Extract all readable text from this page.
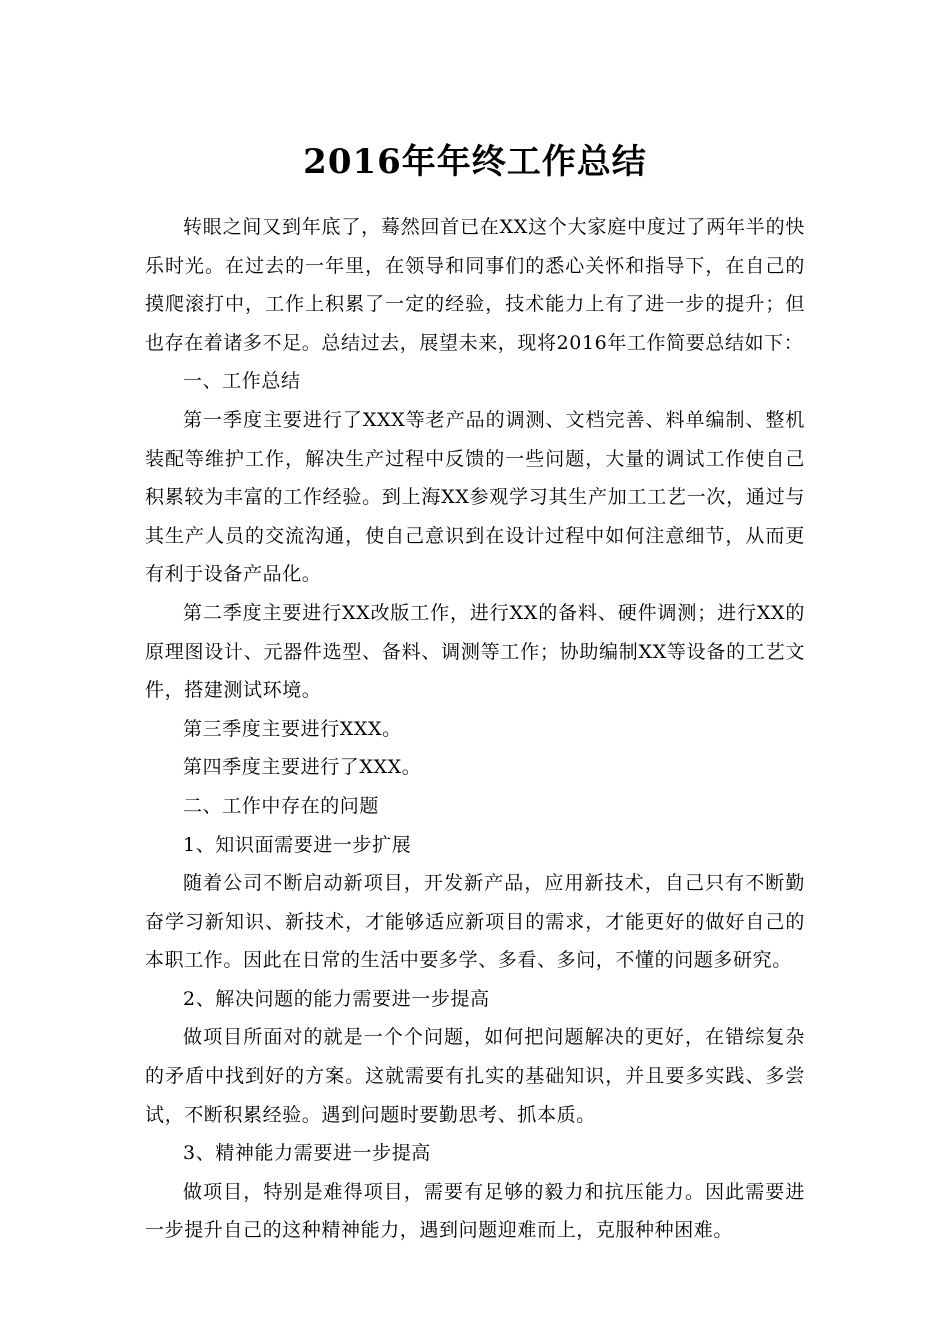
2016年年终工作总结

转眼之间又到年底了，蓦然回首已在XX这个大家庭中度过了两年半的快乐时光。在过去的一年里，在领导和同事们的悉心关怀和指导下，在自己的摸爬滚打中，工作上积累了一定的经验，技术能力上有了进一步的提升；但也存在着诸多不足。总结过去，展望未来，现将2016年工作简要总结如下：

一、工作总结

第一季度主要进行了XXX等老产品的调测、文档完善、料单编制、整机装配等维护工作，解决生产过程中反馈的一些问题，大量的调试工作使自己积累较为丰富的工作经验。到上海XX参观学习其生产加工工艺一次，通过与其生产人员的交流沟通，使自己意识到在设计过程中如何注意细节，从而更有利于设备产品化。

第二季度主要进行XX改版工作，进行XX的备料、硬件调测；进行XX的原理图设计、元器件选型、备料、调测等工作；协助编制XX等设备的工艺文件，搭建测试环境。

第三季度主要进行XXX。

第四季度主要进行了XXX。

二、工作中存在的问题

1、知识面需要进一步扩展

随着公司不断启动新项目，开发新产品，应用新技术，自己只有不断勤奋学习新知识、新技术，才能够适应新项目的需求，才能更好的做好自己的本职工作。因此在日常的生活中要多学、多看、多问，不懂的问题多研究。

2、解决问题的能力需要进一步提高

做项目所面对的就是一个个问题，如何把问题解决的更好，在错综复杂的矛盾中找到好的方案。这就需要有扎实的基础知识，并且要多实践、多尝试，不断积累经验。遇到问题时要勤思考、抓本质。

3、精神能力需要进一步提高

做项目，特别是难得项目，需要有足够的毅力和抗压能力。因此需要进一步提升自己的这种精神能力，遇到问题迎难而上，克服种种困难。
